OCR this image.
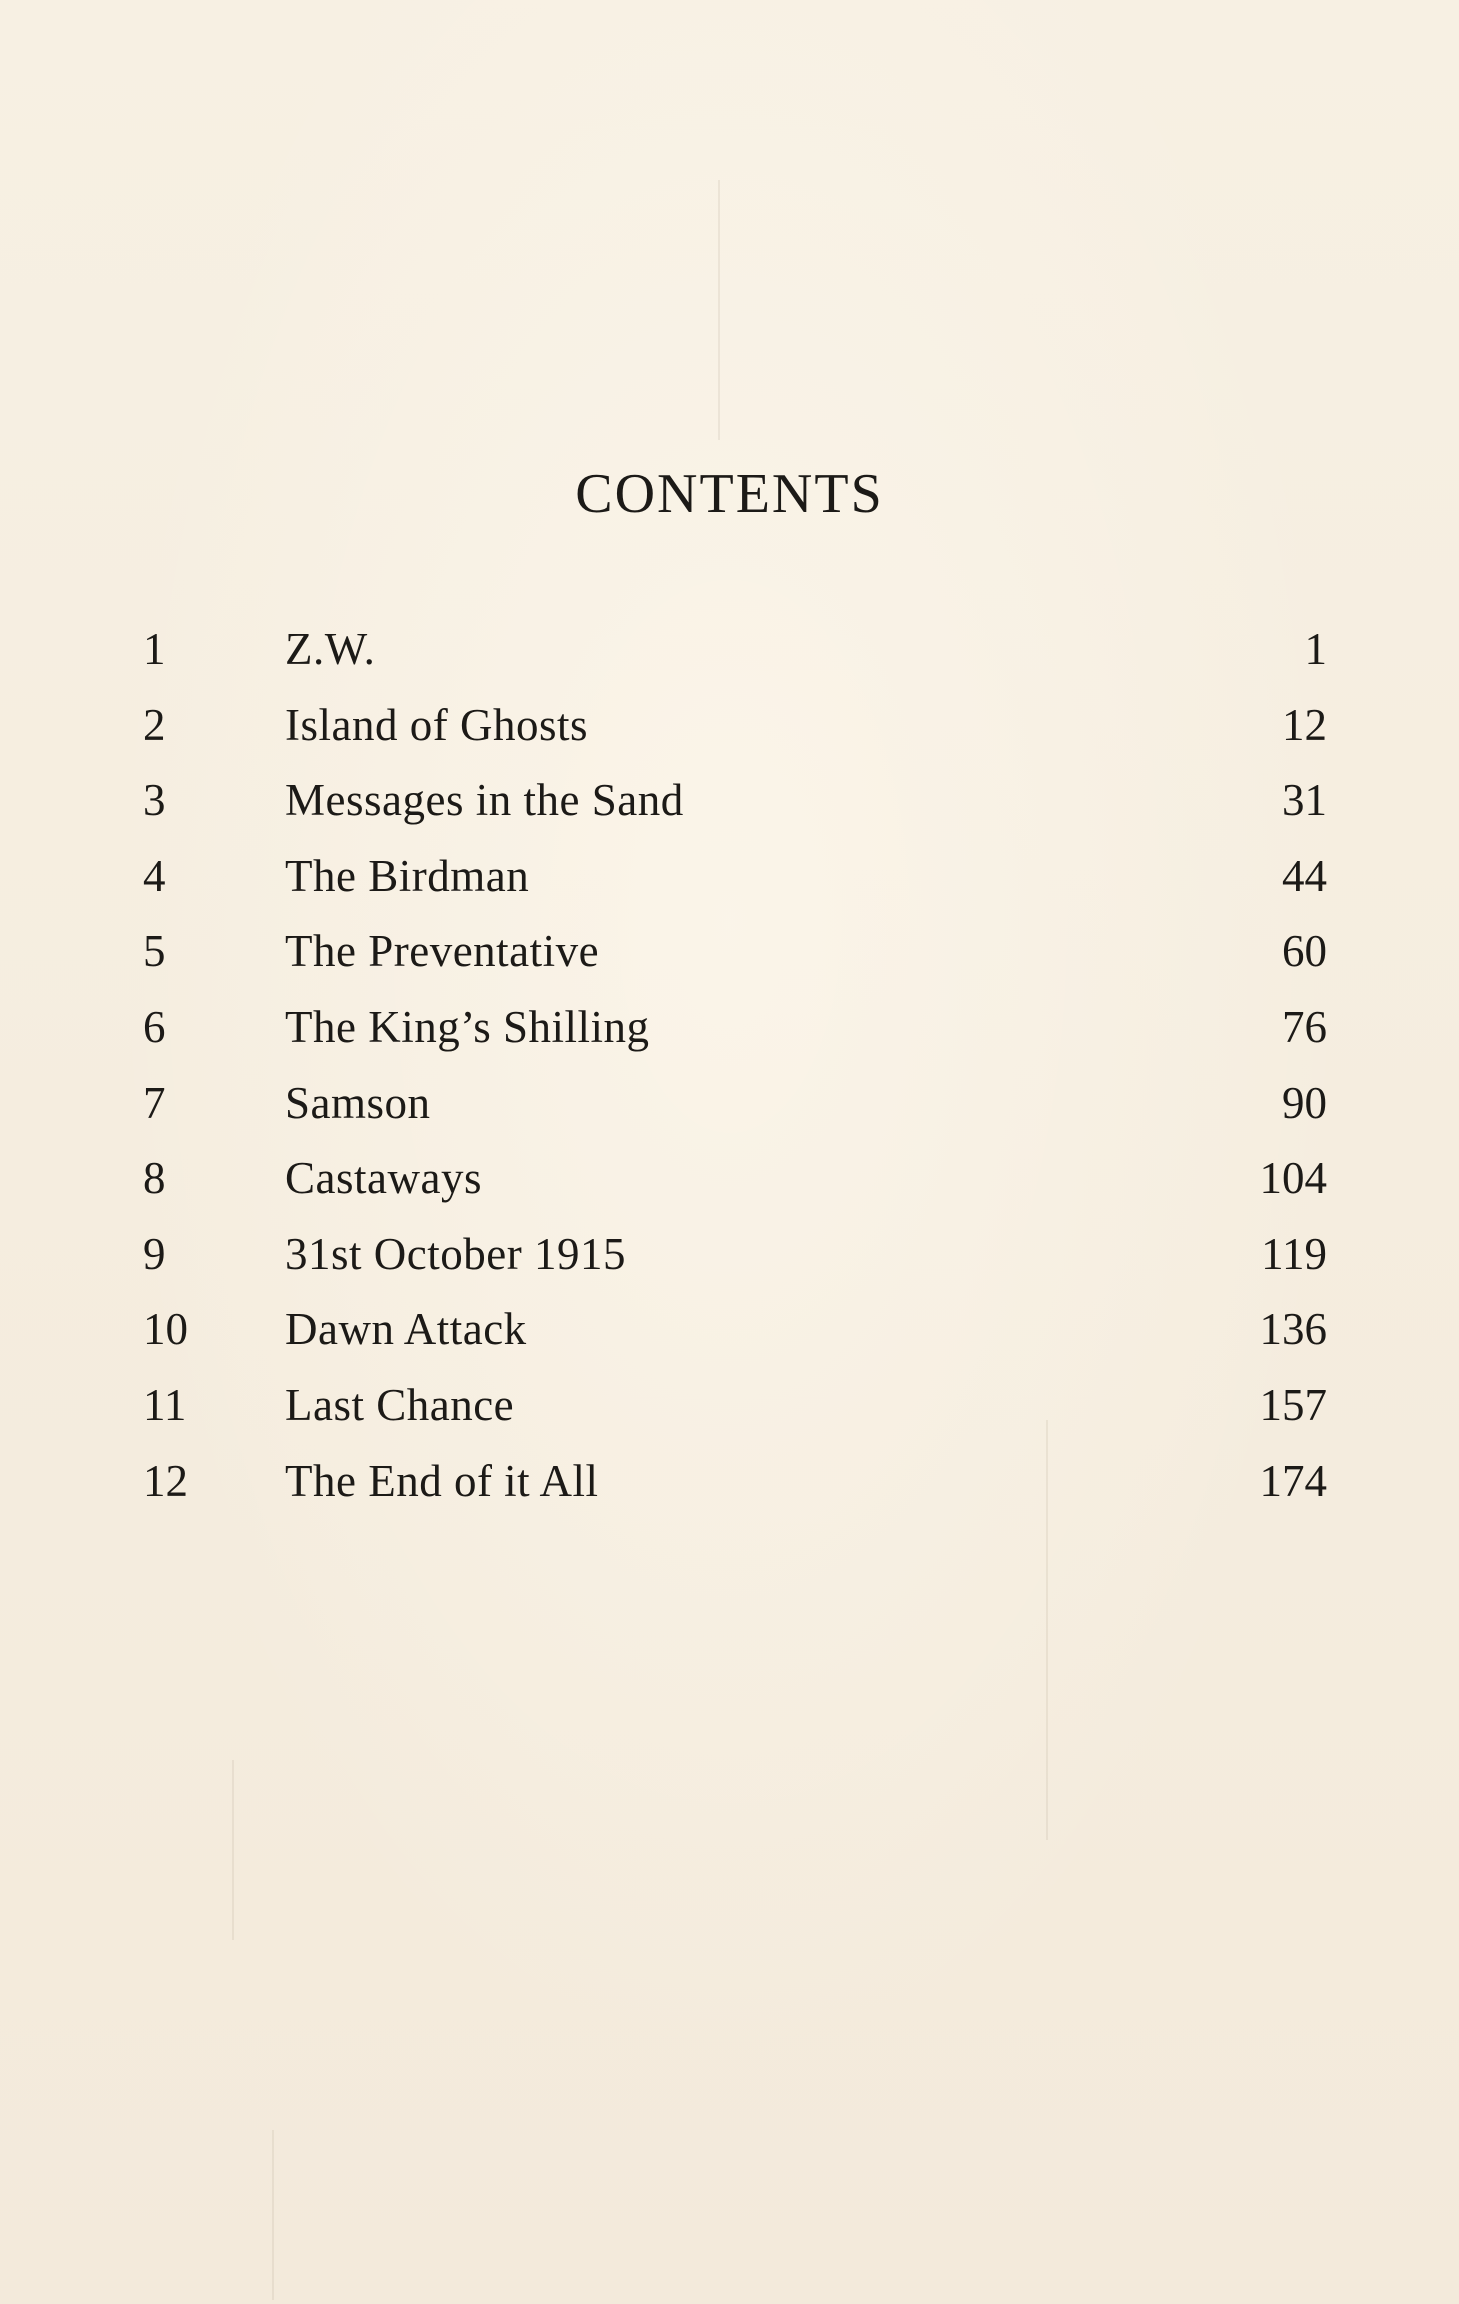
CONTENTS
1	Z.W.	1
2	Island of Ghosts	12
3	Messages in the Sand	31
4	The Birdman	44
5	The Preventative	60
6	The King’s Shilling	76
7	Samson	90
8	Castaways	104
9	31st October 1915	119
10 Dawn Attack	136
11 Last Chance	157
12 The End of it All	174
